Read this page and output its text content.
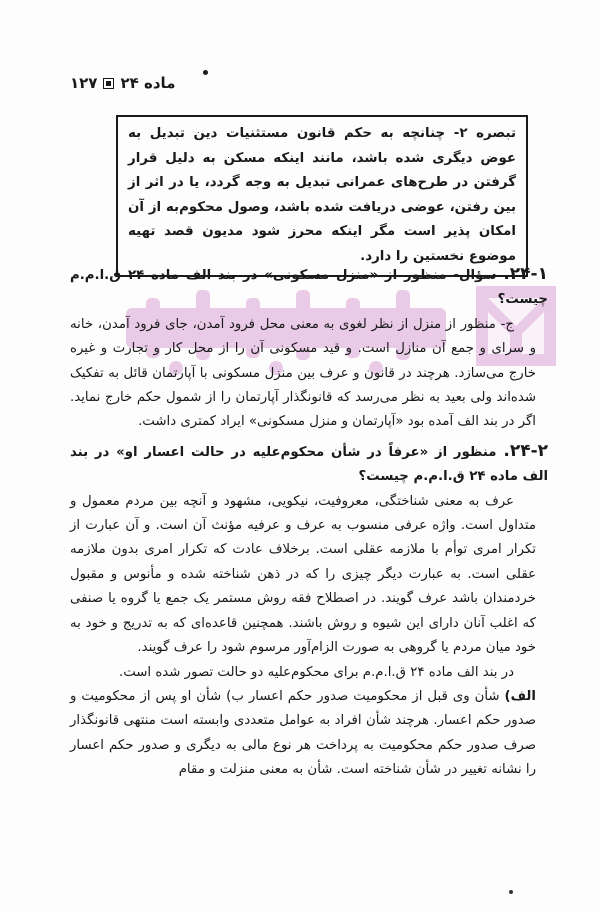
ماده ۲۴
۱۲۷
تبصره ۲- چنانچه به حکم قانون مستثنیات دین تبدیل به عوض دیگری شده باشد، مانند اینکه مسکن به دلیل قرار گرفتن در طرح‌های عمرانی تبدیل به وجه گردد، یا در اثر از بین رفتن، عوضی دریافت شده باشد، وصول محکوم‌به از آن امکان پذیر است مگر اینکه محرز شود مدیون قصد تهیه موضوع نخستین را دارد.

۲۴-۱. سؤال- منظور از «منزل مسکونی» در بند الف ماده ۲۴ ق.ا.م.م چیست؟

ج- منظور از منزل از نظر لغوی به معنی محل فرود آمدن، جای فرود آمدن، خانه و سرای و جمع آن منازل است. و قید مسکونی آن را از محل کار و تجارت و غیره خارج می‌سازد. هرچند در قانون و عرف بین منزل مسکونی با آپارتمان قائل به تفکیک شده‌اند ولی بعید به نظر می‌رسد که قانونگذار آپارتمان را از شمول حکم خارج نماید. اگر در بند الف آمده بود «آپارتمان و منزل مسکونی» ایراد کمتری داشت.

۲۴-۲. منظور از «عرفاً در شأن محکوم‌علیه در حالت اعسار او» در بند الف ماده ۲۴ ق.ا.م.م چیست؟

عرف به معنی شناختگی، معروفیت، نیکویی، مشهود و آنچه بین مردم معمول و متداول است. واژه عرفی منسوب به عرف و عرفیه مؤنث آن است. و آن عبارت از تکرار امری توأم با ملازمه عقلی است. برخلاف عادت که تکرار امری بدون ملازمه عقلی است. به عبارت دیگر چیزی را که در ذهن شناخته شده و مأنوس و مقبول خردمندان باشد عرف گویند. در اصطلاح فقه روش مستمر یک جمع یا گروه یا صنفی که اغلب آنان دارای این شیوه و روش باشند. همچنین قاعده‌ای که به تدریج و خود به خود میان مردم یا گروهی به صورت الزام‌آور مرسوم شود را عرف گویند.

در بند الف ماده ۲۴ ق.ا.م.م برای محکوم‌علیه دو حالت تصور شده است.

الف) شأن وی قبل از محکومیت صدور حکم اعسار ب) شأن او پس از محکومیت و صدور حکم اعسار. هرچند شأن افراد به عوامل متعددی وابسته است منتهی قانونگذار صرف صدور حکم محکومیت به پرداخت هر نوع مالی به دیگری و صدور حکم اعسار را نشانه تغییر در شأن شناخته است. شأن به معنی منزلت و مقام
